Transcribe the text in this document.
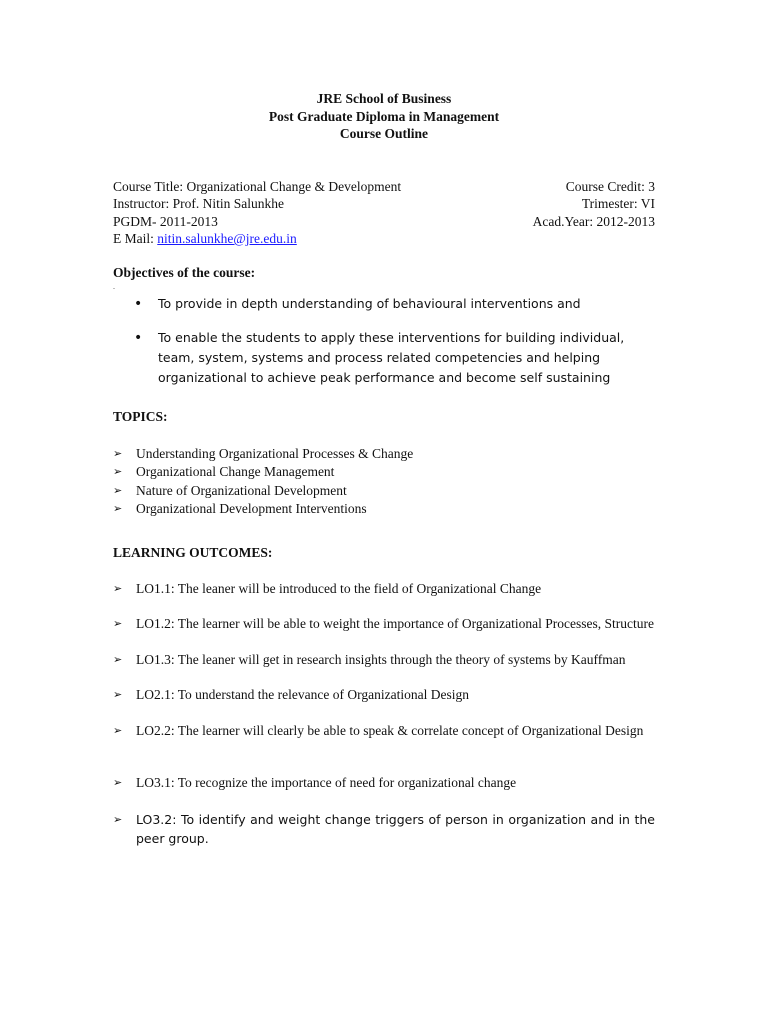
JRE School of Business
Post Graduate Diploma in Management
Course Outline
Course Title: Organizational Change & Development	Course Credit: 3
Instructor: Prof. Nitin Salunkhe	Trimester: VI
PGDM- 2011-2013	Acad.Year: 2012-2013
E Mail: nitin.salunkhe@jre.edu.in
Objectives of the course:
.
• To provide in depth understanding of behavioural interventions and
• To enable the students to apply these interventions for building individual, team, system, systems and process related competencies and helping organizational to achieve peak performance and become self sustaining
TOPICS:
➢ Understanding Organizational Processes & Change
➢ Organizational Change Management
➢ Nature of Organizational Development
➢ Organizational Development Interventions
LEARNING OUTCOMES:
➢ LO1.1: The leaner will be introduced to the field of Organizational Change
➢ LO1.2: The learner will be able to weight the importance of Organizational Processes, Structure
➢ LO1.3: The leaner will get in research insights through the theory of systems by Kauffman
➢ LO2.1: To understand the relevance of Organizational Design
➢ LO2.2: The learner will clearly be able to speak & correlate concept of Organizational Design
➢ LO3.1: To recognize the importance of need for organizational change
➢ LO3.2: To identify and weight change triggers of person in organization and in the peer group.
